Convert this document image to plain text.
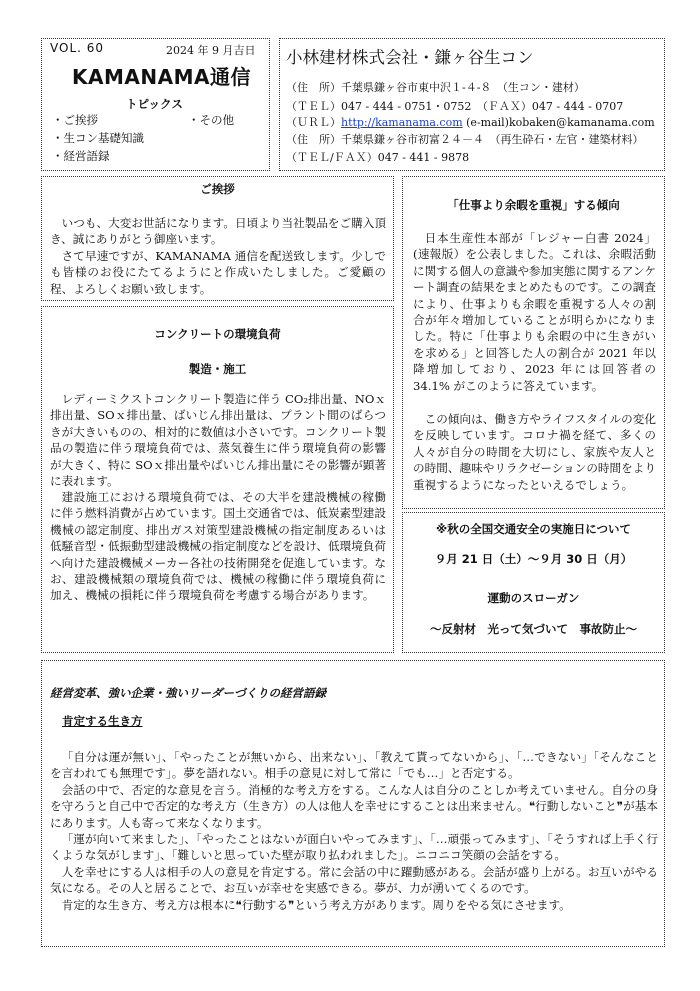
VOL. 60	2024 年 9 月吉日
KAMANAMA通信
トピックス
・ご挨拶	・その他
・生コン基礎知識
・経営語録
小林建材株式会社・鎌ヶ谷生コン
（住　所）千葉県鎌ヶ谷市東中沢１-４-８　（生コン・建材）
（ＴＥＬ）047 - 444 - 0751・0752　（ＦＡＸ）047 - 444 - 0707
（ＵＲＬ）http://kamanama.com (e-mail)kobaken@kamanama.com
（住　所）千葉県鎌ヶ谷市初富２４－４　（再生砕石・左官・建築材料）
（ＴＥＬ/ＦＡＸ）047 - 441 - 9878
ご挨拶

いつも、大変お世話になります。日頃より当社製品をご購入頂き、誠にありがとう御座います。

さて早速ですが、KAMANAMA 通信を配送致します。少しでも皆様のお役にたてるようにと作成いたしました。ご愛顧の程、よろしくお願い致します。

コンクリートの環境負荷
製造・施工

レディーミクストコンクリート製造に伴う CO₂排出量、NOｘ排出量、SOｘ排出量、ばいじん排出量は、プラント間のばらつきが大きいものの、相対的に数値は小さいです。コンクリート製品の製造に伴う環境負荷では、蒸気養生に伴う環境負荷の影響が大きく、特に SOｘ排出量やばいじん排出量にその影響が顕著に表れます。

建設施工における環境負荷では、その大半を建設機械の稼働に伴う燃料消費が占めています。国土交通省では、低炭素型建設機械の認定制度、排出ガス対策型建設機械の指定制度あるいは低騒音型・低振動型建設機械の指定制度などを設け、低環境負荷へ向けた建設機械メーカー各社の技術開発を促進しています。なお、建設機械類の環境負荷では、機械の稼働に伴う環境負荷に加え、機械の損耗に伴う環境負荷を考慮する場合があります。

「仕事より余暇を重視」する傾向

日本生産性本部が「レジャー白書 2024」(速報版）を公表しました。これは、余暇活動に関する個人の意識や参加実態に関するアンケート調査の結果をまとめたものです。この調査により、仕事よりも余暇を重視する人々の割合が年々増加していることが明らかになりました。特に「仕事よりも余暇の中に生きがいを求める」と回答した人の割合が 2021 年以降増加しており、2023 年には回答者の 34.1% がこのように答えています。

この傾向は、働き方やライフスタイルの変化を反映しています。コロナ禍を経て、多くの人々が自分の時間を大切にし、家族や友人との時間、趣味やリラクゼーションの時間をより重視するようになったといえるでしょう。

※秋の全国交通安全の実施日について
９月 21 日（土）～９月 30 日（月）
運動のスローガン
～反射材　光って気づいて　事故防止～
経営変革、強い企業・強いリーダーづくりの経営語録
肯定する生き方

「自分は運が無い」、「やったことが無いから、出来ない」、「教えて貰ってないから」、「…できない」「そんなことを言われても無理です」。夢を語れない。相手の意見に対して常に「でも…」と否定する。

会話の中で、否定的な意見を言う。消極的な考え方をする。こんな人は自分のことしか考えていません。自分の身を守ろうと自己中で否定的な考え方（生き方）の人は他人を幸せにすることは出来ません。❝行動しないこと❞が基本にあります。人も寄って来なくなります。

「運が向いて来ました」、「やったことはないが面白いやってみます」、「…頑張ってみます」、「そうすれば上手く行くような気がします」、「難しいと思っていた壁が取り払われました」。ニコニコ笑顔の会話をする。

人を幸せにする人は相手の人の意見を肯定する。常に会話の中に躍動感がある。会話が盛り上がる。お互いがやる気になる。その人と居ることで、お互いが幸せを実感できる。夢が、力が湧いてくるのです。

肯定的な生き方、考え方は根本に❝行動する❞という考え方があります。周りをやる気にさせます。
